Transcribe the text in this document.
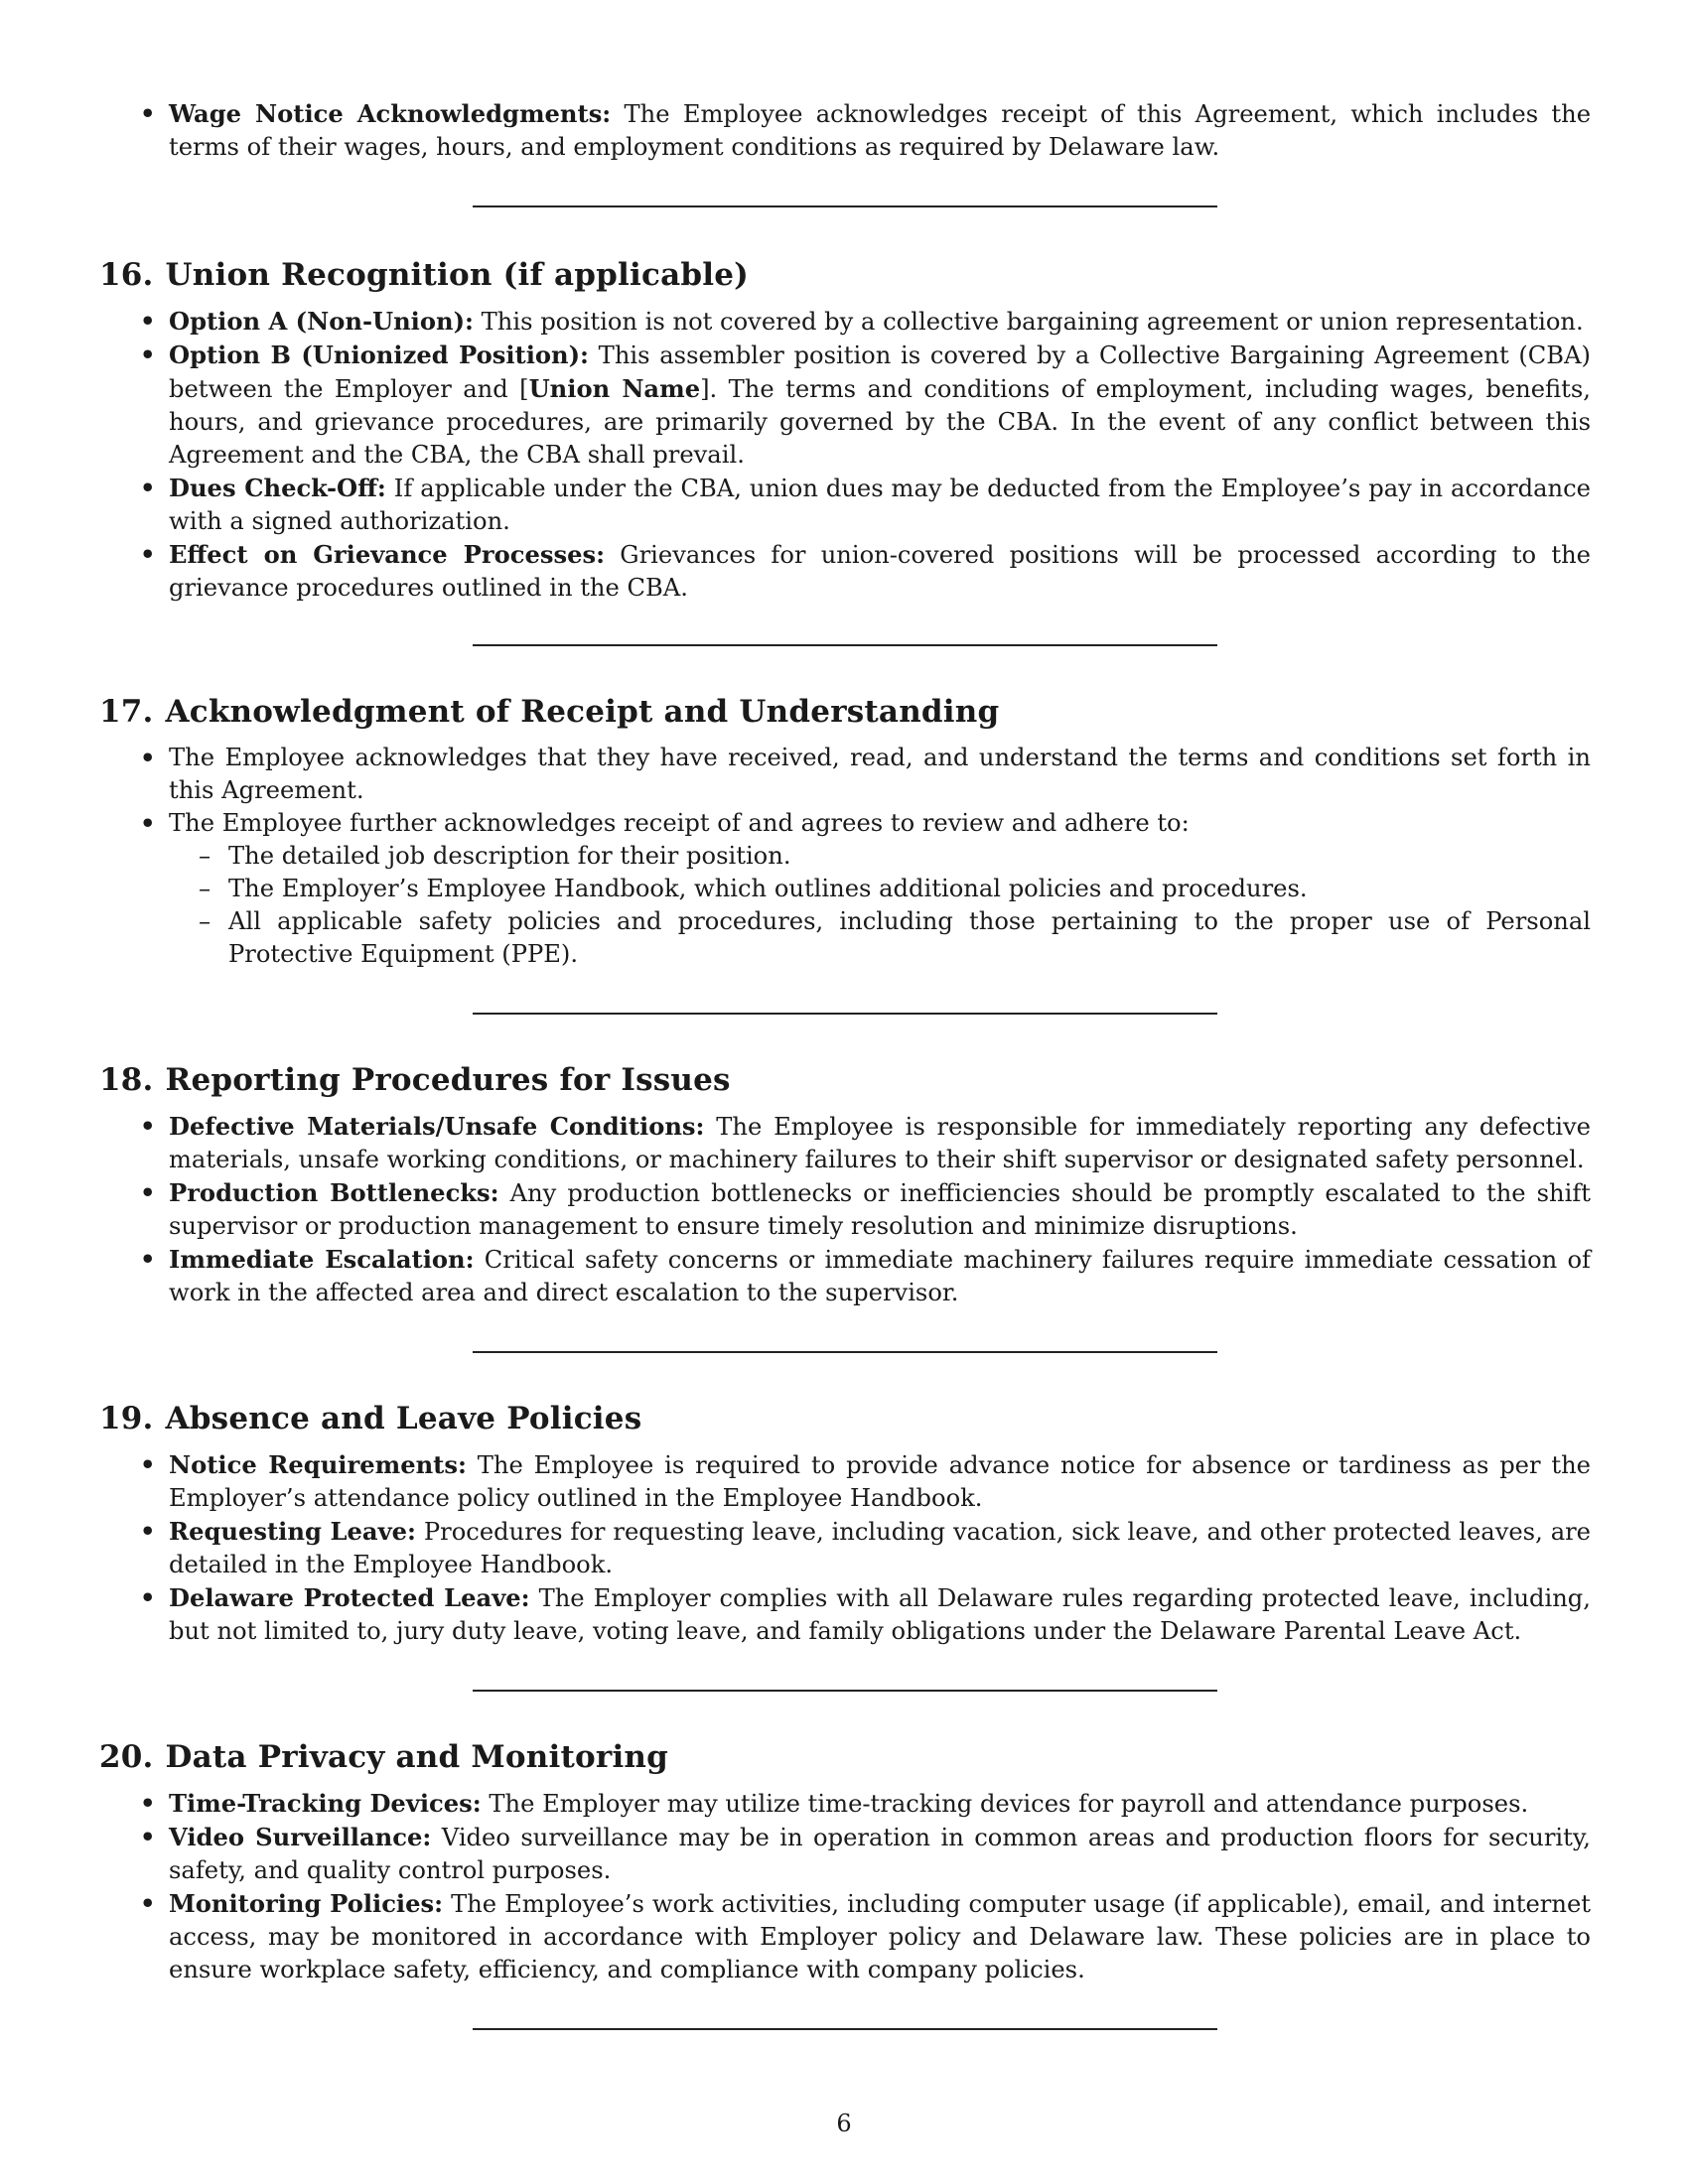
• Wage Notice Acknowledgments: The Employee acknowledges receipt of this Agreement, which includes the terms of their wages, hours, and employment conditions as required by Delaware law.
16. Union Recognition (if applicable)
• Option A (Non-Union): This position is not covered by a collective bargaining agreement or union representation.
• Option B (Unionized Position): This assembler position is covered by a Collective Bargaining Agreement (CBA) between the Employer and [Union Name]. The terms and conditions of employment, including wages, benefits, hours, and grievance procedures, are primarily governed by the CBA. In the event of any conflict between this Agreement and the CBA, the CBA shall prevail.
• Dues Check-Off: If applicable under the CBA, union dues may be deducted from the Employee’s pay in accordance with a signed authorization.
• Effect on Grievance Processes: Grievances for union-covered positions will be processed according to the grievance procedures outlined in the CBA.
17. Acknowledgment of Receipt and Understanding
• The Employee acknowledges that they have received, read, and understand the terms and conditions set forth in this Agreement.
• The Employee further acknowledges receipt of and agrees to review and adhere to:
– The detailed job description for their position.
– The Employer’s Employee Handbook, which outlines additional policies and procedures.
– All applicable safety policies and procedures, including those pertaining to the proper use of Personal Protective Equipment (PPE).
18. Reporting Procedures for Issues
• Defective Materials/Unsafe Conditions: The Employee is responsible for immediately reporting any defective materials, unsafe working conditions, or machinery failures to their shift supervisor or designated safety personnel.
• Production Bottlenecks: Any production bottlenecks or inefficiencies should be promptly escalated to the shift supervisor or production management to ensure timely resolution and minimize disruptions.
• Immediate Escalation: Critical safety concerns or immediate machinery failures require immediate cessation of work in the affected area and direct escalation to the supervisor.
19. Absence and Leave Policies
• Notice Requirements: The Employee is required to provide advance notice for absence or tardiness as per the Employer’s attendance policy outlined in the Employee Handbook.
• Requesting Leave: Procedures for requesting leave, including vacation, sick leave, and other protected leaves, are detailed in the Employee Handbook.
• Delaware Protected Leave: The Employer complies with all Delaware rules regarding protected leave, including, but not limited to, jury duty leave, voting leave, and family obligations under the Delaware Parental Leave Act.
20. Data Privacy and Monitoring
• Time-Tracking Devices: The Employer may utilize time-tracking devices for payroll and attendance purposes.
• Video Surveillance: Video surveillance may be in operation in common areas and production floors for security, safety, and quality control purposes.
• Monitoring Policies: The Employee’s work activities, including computer usage (if applicable), email, and internet access, may be monitored in accordance with Employer policy and Delaware law. These policies are in place to ensure workplace safety, efficiency, and compliance with company policies.
6
